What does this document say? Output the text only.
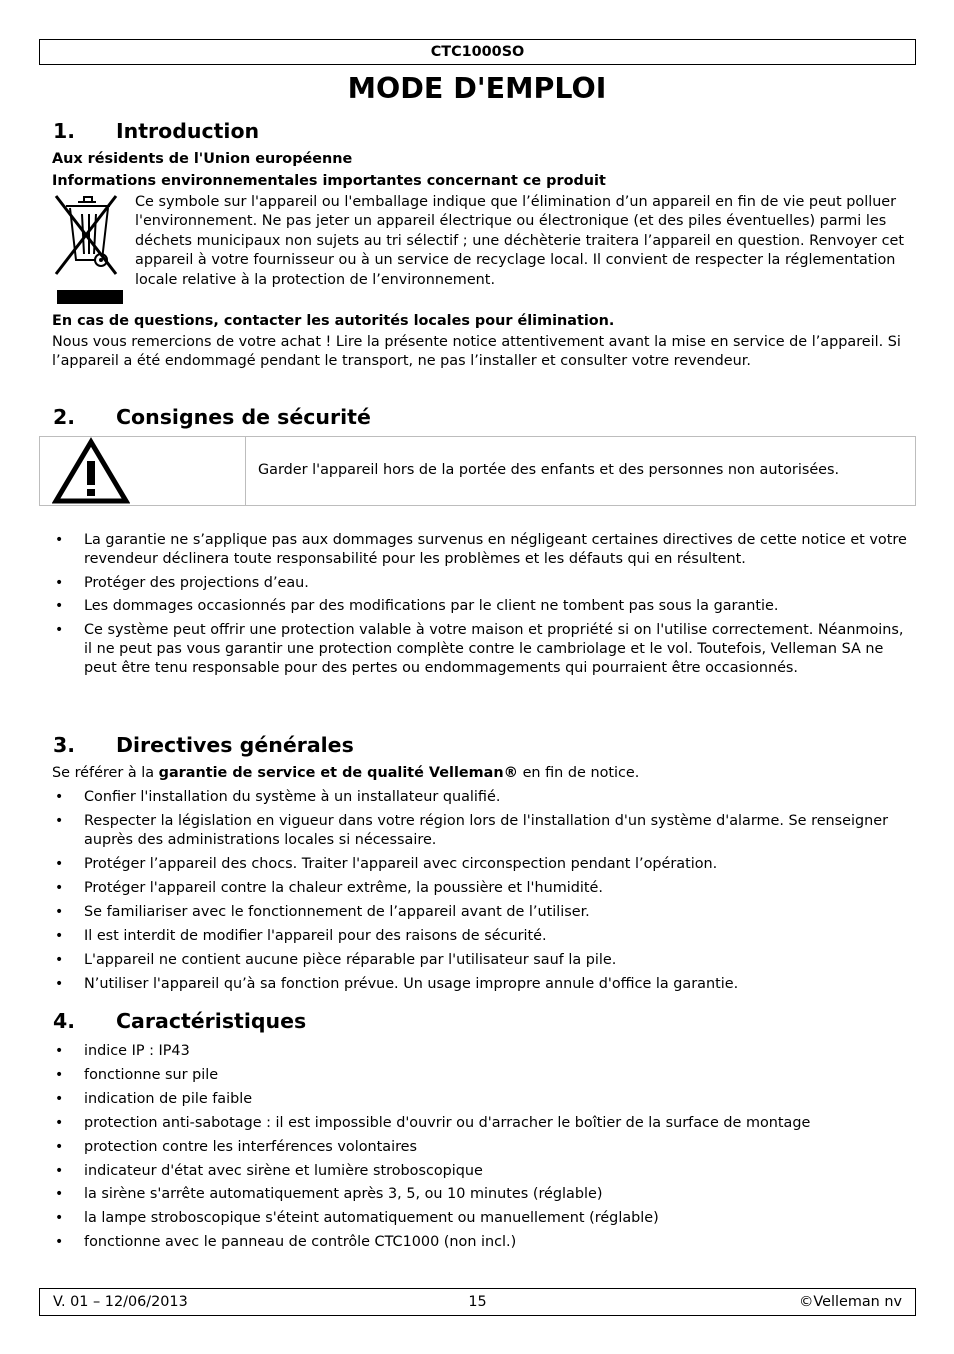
CTC1000SO
MODE D'EMPLOI
1. Introduction
Aux résidents de l'Union européenne
Informations environnementales importantes concernant ce produit
Ce symbole sur l'appareil ou l'emballage indique que l’élimination d’un appareil en fin de vie peut polluer l'environnement. Ne pas jeter un appareil électrique ou électronique (et des piles éventuelles) parmi les déchets municipaux non sujets au tri sélectif ; une déchèterie traitera l’appareil en question. Renvoyer cet appareil à votre fournisseur ou à un service de recyclage local. Il convient de respecter la réglementation locale relative à la protection de l’environnement.
En cas de questions, contacter les autorités locales pour élimination.
Nous vous remercions de votre achat ! Lire la présente notice attentivement avant la mise en service de l’appareil. Si l’appareil a été endommagé pendant le transport, ne pas l’installer et consulter votre revendeur.
2. Consignes de sécurité
Garder l'appareil hors de la portée des enfants et des personnes non autorisées.
• La garantie ne s’applique pas aux dommages survenus en négligeant certaines directives de cette notice et votre revendeur déclinera toute responsabilité pour les problèmes et les défauts qui en résultent.
• Protéger des projections d’eau.
• Les dommages occasionnés par des modifications par le client ne tombent pas sous la garantie.
• Ce système peut offrir une protection valable à votre maison et propriété si on l'utilise correctement. Néanmoins, il ne peut pas vous garantir une protection complète contre le cambriolage et le vol. Toutefois, Velleman SA ne peut être tenu responsable pour des pertes ou endommagements qui pourraient être occasionnés.
3. Directives générales
Se référer à la garantie de service et de qualité Velleman® en fin de notice.
• Confier l'installation du système à un installateur qualifié.
• Respecter la législation en vigueur dans votre région lors de l'installation d'un système d'alarme. Se renseigner auprès des administrations locales si nécessaire.
• Protéger l’appareil des chocs. Traiter l'appareil avec circonspection pendant l’opération.
• Protéger l'appareil contre la chaleur extrême, la poussière et l'humidité.
• Se familiariser avec le fonctionnement de l’appareil avant de l’utiliser.
• Il est interdit de modifier l'appareil pour des raisons de sécurité.
• L'appareil ne contient aucune pièce réparable par l'utilisateur sauf la pile.
• N’utiliser l'appareil qu’à sa fonction prévue. Un usage impropre annule d'office la garantie.
4. Caractéristiques
• indice IP : IP43
• fonctionne sur pile
• indication de pile faible
• protection anti-sabotage : il est impossible d'ouvrir ou d'arracher le boîtier de la surface de montage
• protection contre les interférences volontaires
• indicateur d'état avec sirène et lumière stroboscopique
• la sirène s'arrête automatiquement après 3, 5, ou 10 minutes (réglable)
• la lampe stroboscopique s'éteint automatiquement ou manuellement (réglable)
• fonctionne avec le panneau de contrôle CTC1000 (non incl.)
15
V. 01 – 12/06/2013	©Velleman nv
